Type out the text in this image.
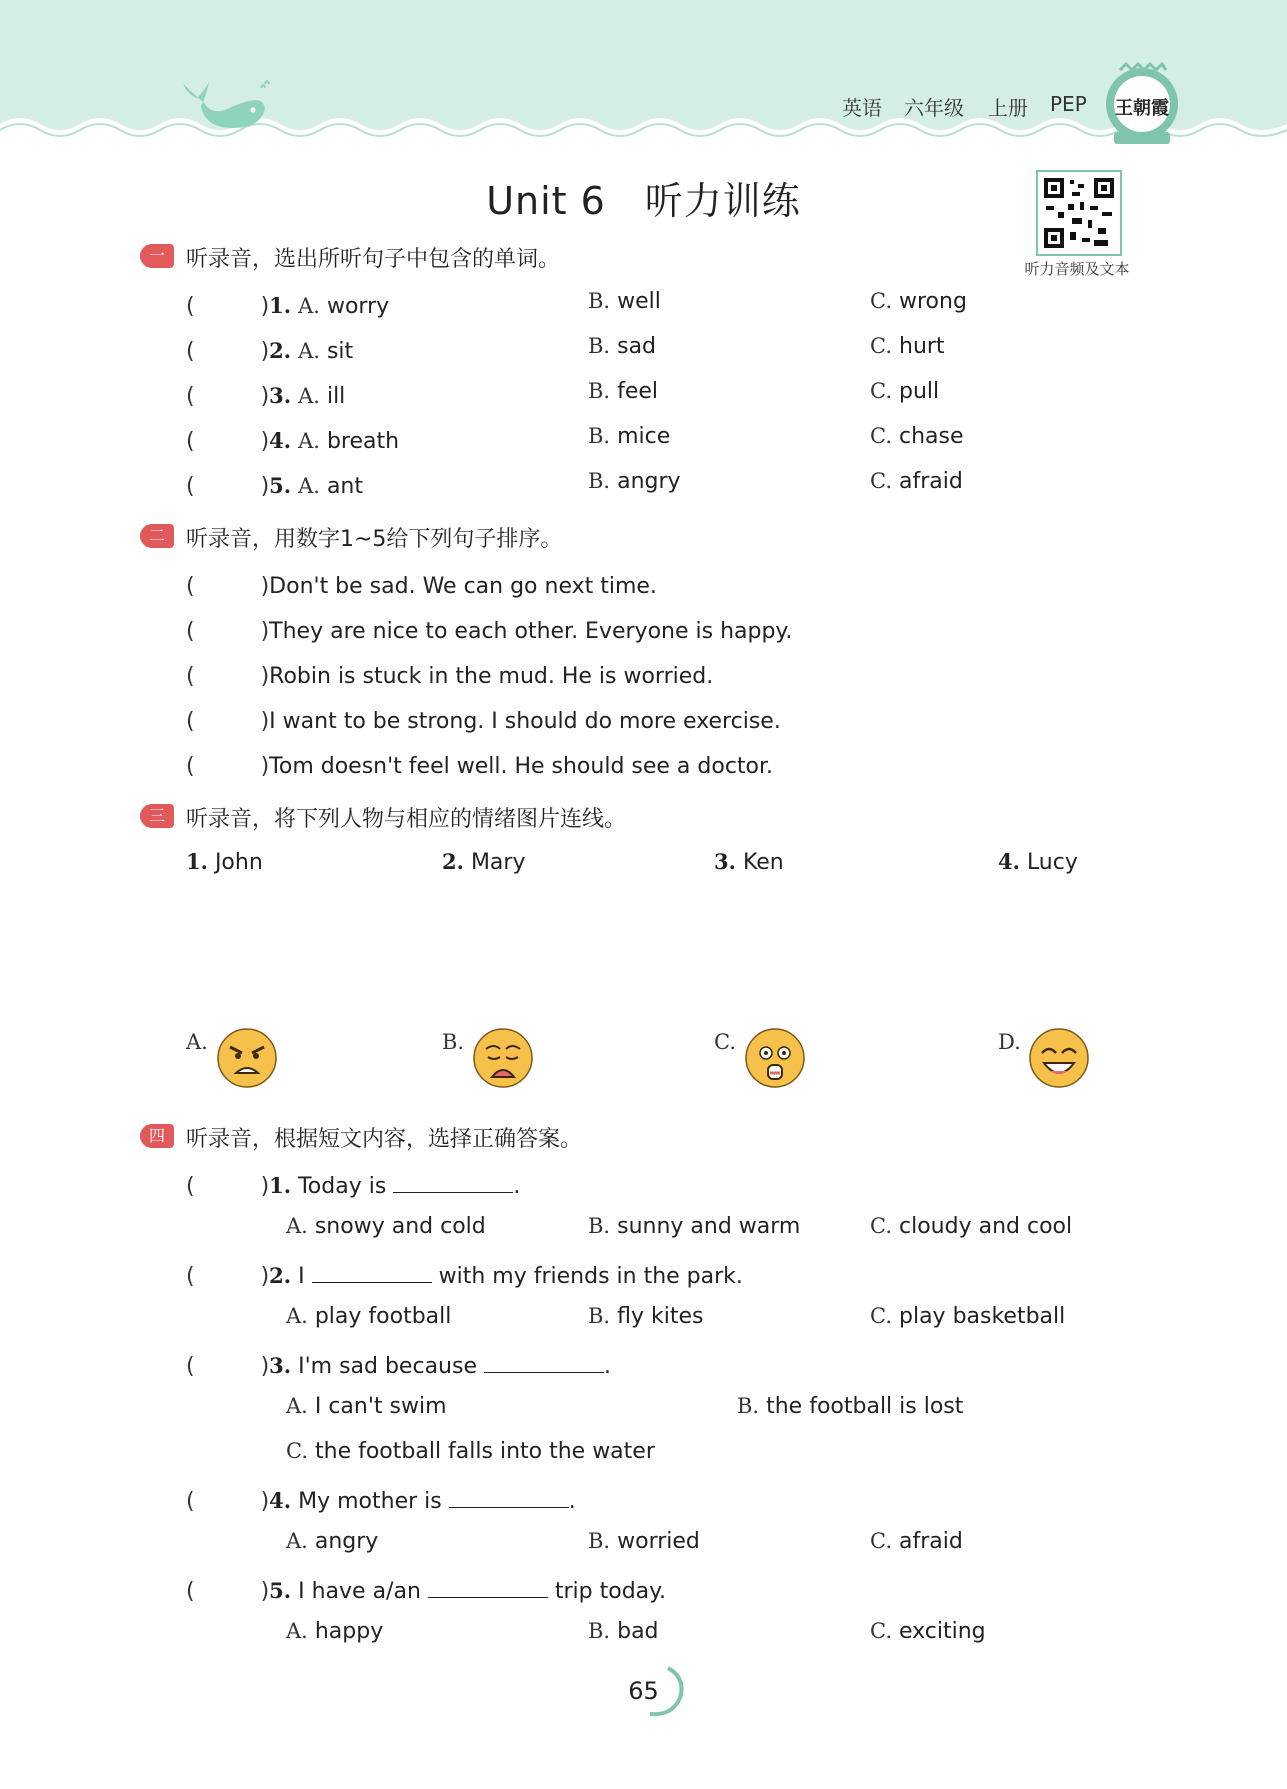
英语 六年级 上册 PEP 王朝霞
Unit 6　听力训练
听力音频及文本
一 听录音，选出所听句子中包含的单词。
(　　　)1. A. worry	B. well	C. wrong
(　　　)2. A. sit	B. sad	C. hurt
(　　　)3. A. ill	B. feel	C. pull
(　　　)4. A. breath	B. mice	C. chase
(　　　)5. A. ant	B. angry	C. afraid
二 听录音，用数字1~5给下列句子排序。
(　　　)Don't be sad. We can go next time.
(　　　)They are nice to each other. Everyone is happy.
(　　　)Robin is stuck in the mud. He is worried.
(　　　)I want to be strong. I should do more exercise.
(　　　)Tom doesn't feel well. He should see a doctor.
三 听录音，将下列人物与相应的情绪图片连线。
1. John	2. Mary	3. Ken	4. Lucy
A.	B.	C.	D.
四 听录音，根据短文内容，选择正确答案。
(　　　)1. Today is	.
A. snowy and cold	B. sunny and warm	C. cloudy and cool
(　　　)2. I	with my friends in the park.
A. play football	B. fly kites	C. play basketball
(　　　)3. I'm sad because	.
A. I can't swim	B. the football is lost
C. the football falls into the water
(　　　)4. My mother is	.
A. angry	B. worried	C. afraid
(　　　)5. I have a/an	trip today.
A. happy	B. bad	C. exciting
65
